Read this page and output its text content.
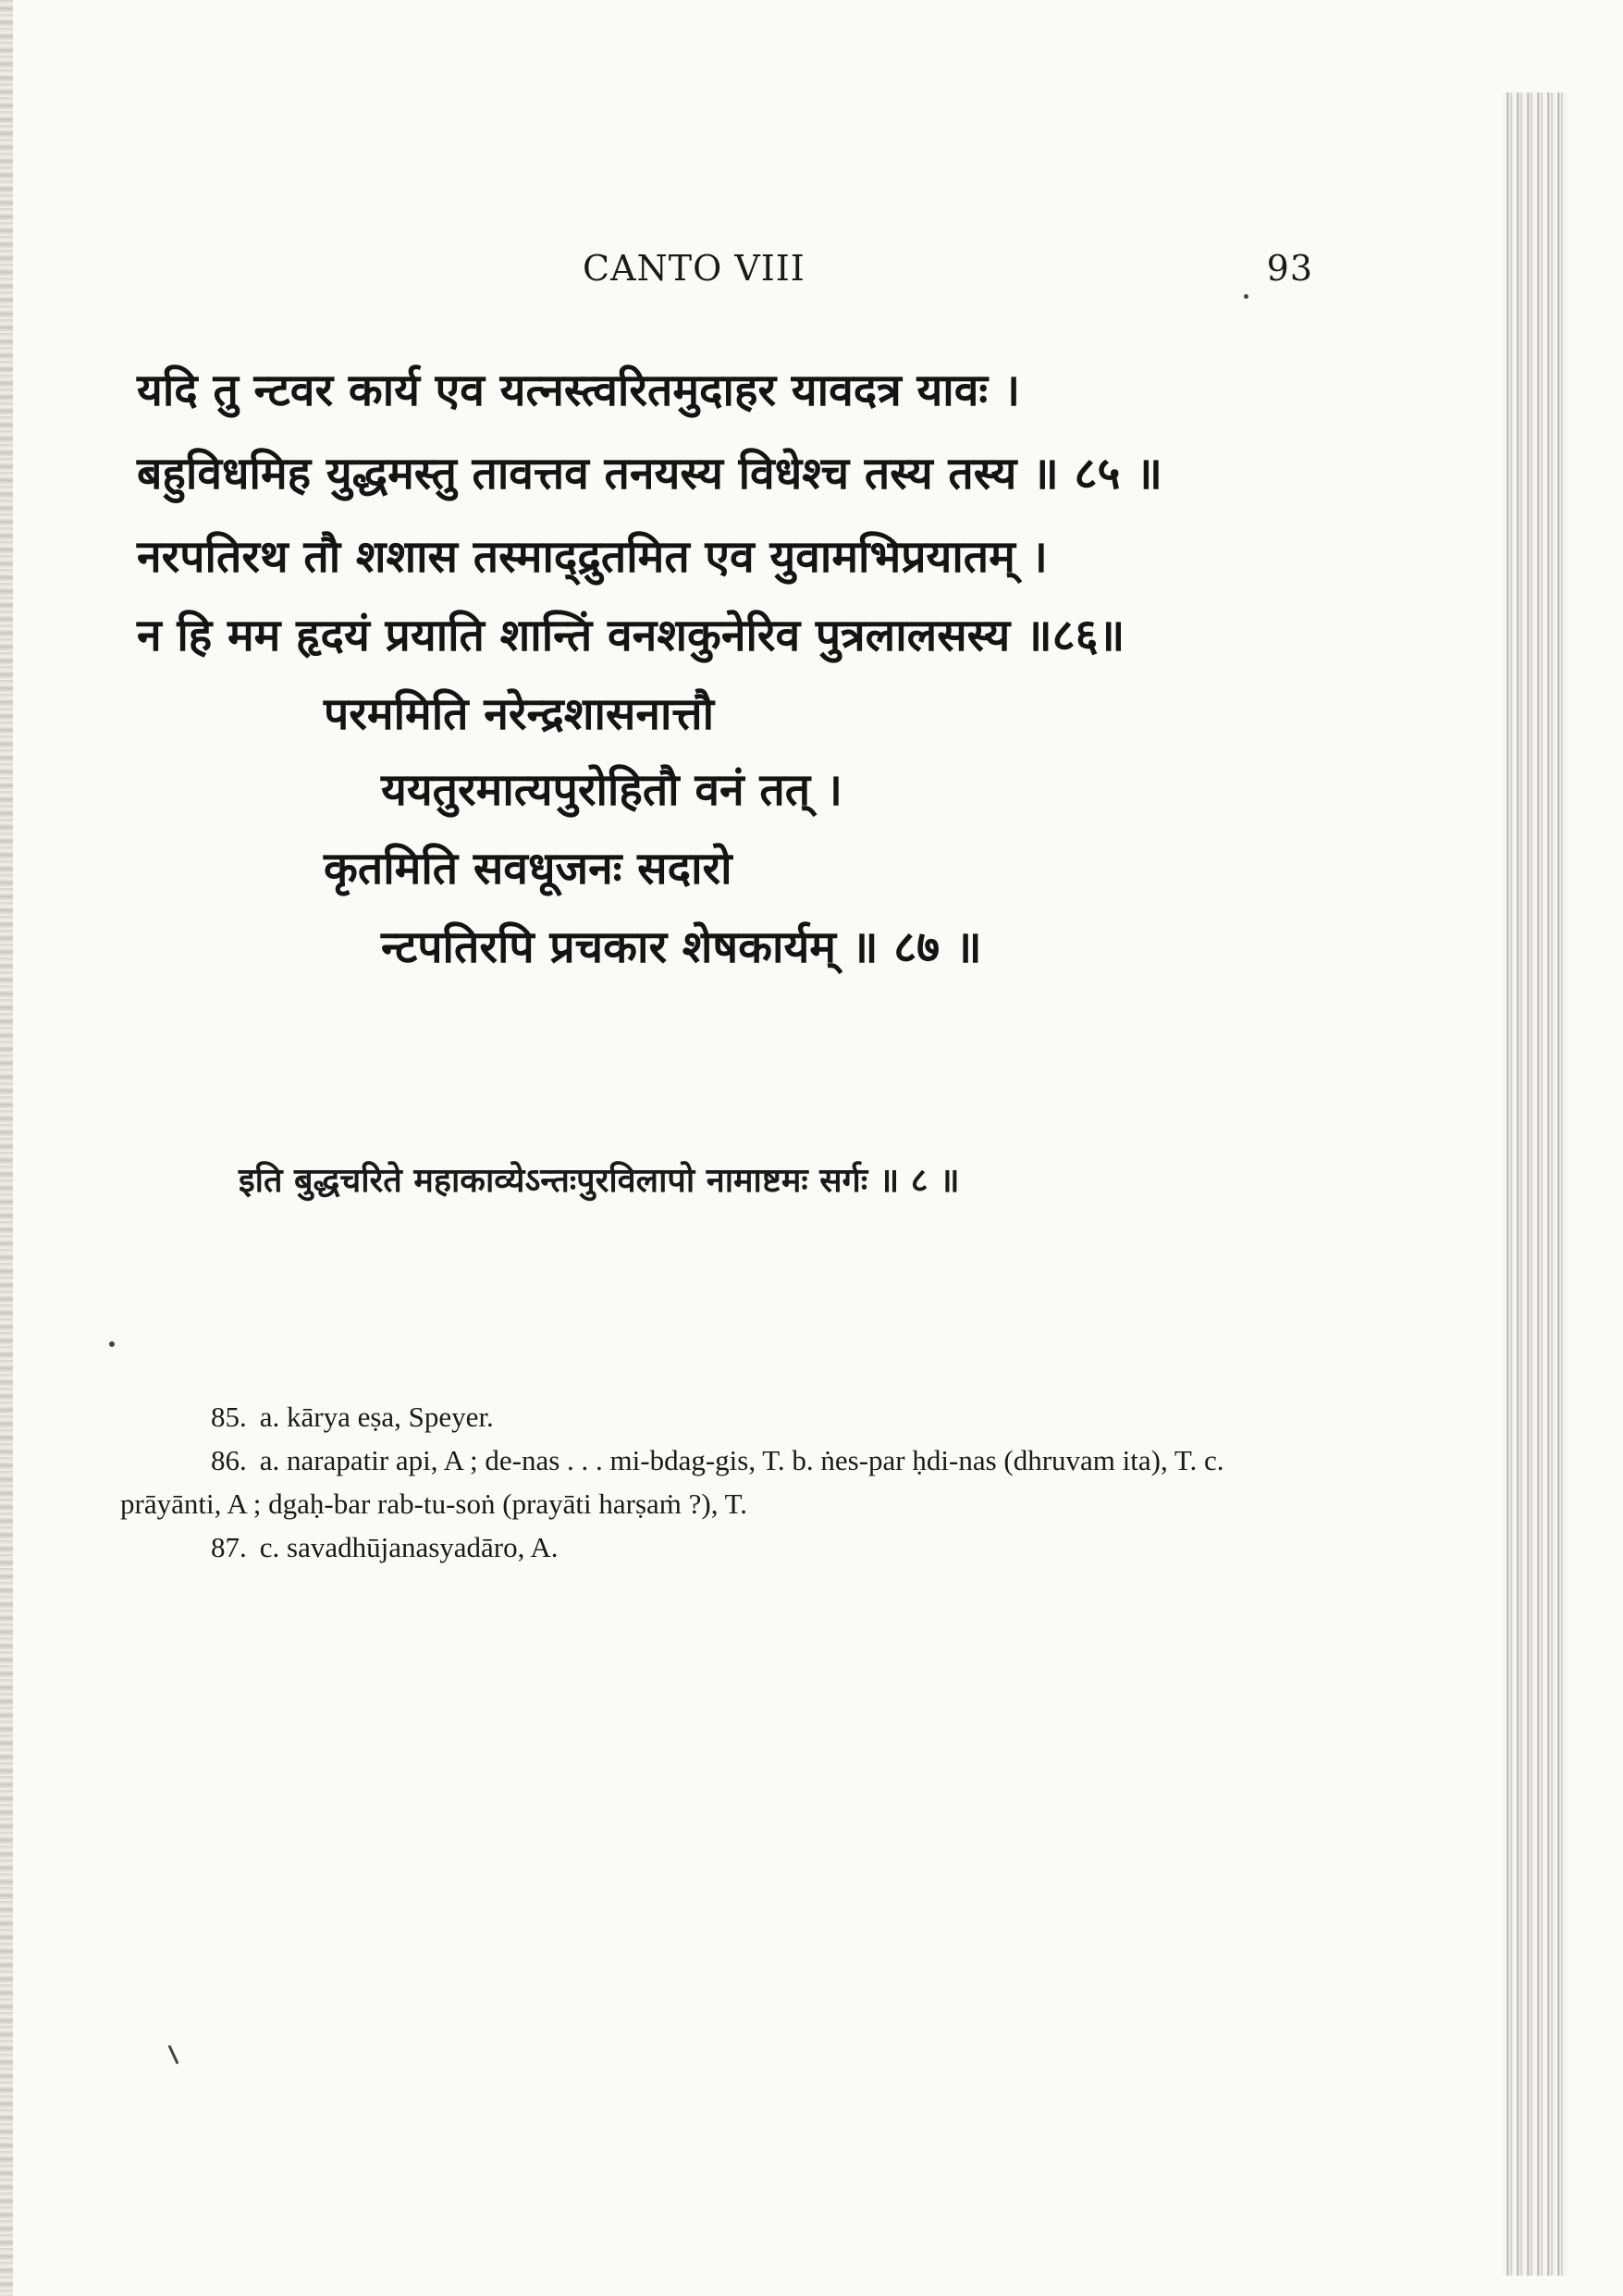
CANTO VIII	93
यदि तु न्टवर कार्य एव यत्नस्त्वरितमुदाहर यावदत्र यावः ।
बहुविधमिह युद्धमस्तु तावत्तव तनयस्य विधेश्च तस्य तस्य ॥ ८५ ॥
नरपतिरथ तौ शशास तस्माद्द्रुतमित एव युवामभिप्रयातम् ।
न हि मम हृदयं प्रयाति शान्तिं वनशकुनेरिव पुत्रलालसस्य ॥८६॥
परममिति नरेन्द्रशासनात्तौ
ययतुरमात्यपुरोहितौ वनं तत् ।
कृतमिति सवधूजनः सदारो
न्टपतिरपि प्रचकार शेषकार्यम् ॥ ८७ ॥
इति बुद्धचरिते महाकाव्येऽन्तःपुरविलापो नामाष्टमः सर्गः ॥ ८ ॥
85. a. kārya eṣa, Speyer.
86. a. narapatir api, A ; de-nas . . . mi-bdag-gis, T. b. ṅes-par ḥdi-nas (dhruvam ita), T. c. prāyānti, A ; dgaḥ-bar rab-tu-soṅ (prayāti harṣaṁ ?), T.
87. c. savadhūjanasyadāro, A.
